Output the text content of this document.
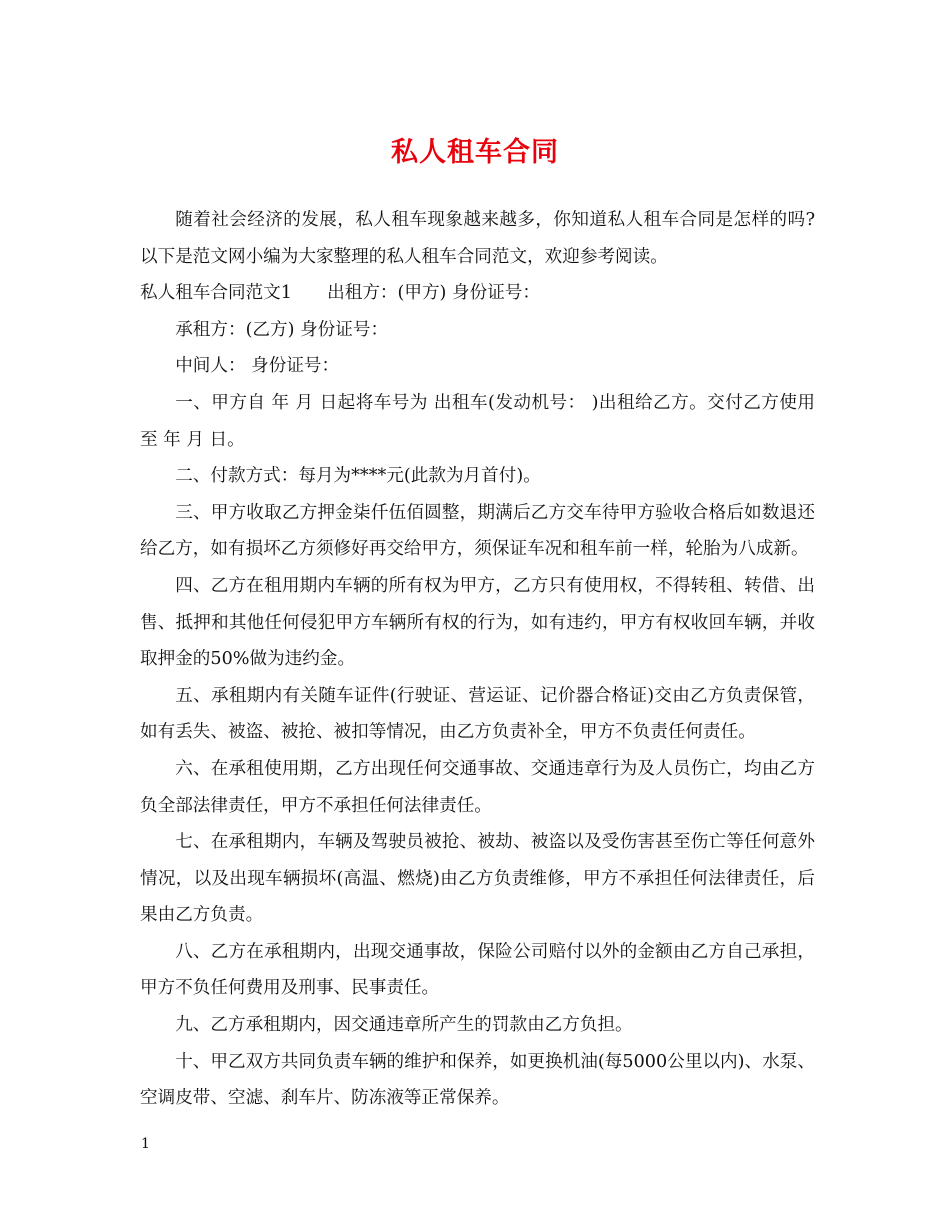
私人租车合同

随着社会经济的发展，私人租车现象越来越多，你知道私人租车合同是怎样的吗?以下是范文网小编为大家整理的私人租车合同范文，欢迎参考阅读。

私人租车合同范文1　　出租方：(甲方) 身份证号：

承租方：(乙方) 身份证号：

中间人： 身份证号：

一、甲方自 年 月 日起将车号为 出租车(发动机号： )出租给乙方。交付乙方使用至 年 月 日。

二、付款方式：每月为****元(此款为月首付)。

三、甲方收取乙方押金柒仟伍佰圆整，期满后乙方交车待甲方验收合格后如数退还给乙方，如有损坏乙方须修好再交给甲方，须保证车况和租车前一样，轮胎为八成新。

四、乙方在租用期内车辆的所有权为甲方，乙方只有使用权，不得转租、转借、出售、抵押和其他任何侵犯甲方车辆所有权的行为，如有违约，甲方有权收回车辆，并收取押金的50%做为违约金。

五、承租期内有关随车证件(行驶证、营运证、记价器合格证)交由乙方负责保管，如有丢失、被盗、被抢、被扣等情况，由乙方负责补全，甲方不负责任何责任。

六、在承租使用期，乙方出现任何交通事故、交通违章行为及人员伤亡，均由乙方负全部法律责任，甲方不承担任何法律责任。

七、在承租期内，车辆及驾驶员被抢、被劫、被盗以及受伤害甚至伤亡等任何意外情况，以及出现车辆损坏(高温、燃烧)由乙方负责维修，甲方不承担任何法律责任，后果由乙方负责。

八、乙方在承租期内，出现交通事故，保险公司赔付以外的金额由乙方自己承担，甲方不负任何费用及刑事、民事责任。

九、乙方承租期内，因交通违章所产生的罚款由乙方负担。

十、甲乙双方共同负责车辆的维护和保养，如更换机油(每5000公里以内)、水泵、空调皮带、空滤、刹车片、防冻液等正常保养。

1
